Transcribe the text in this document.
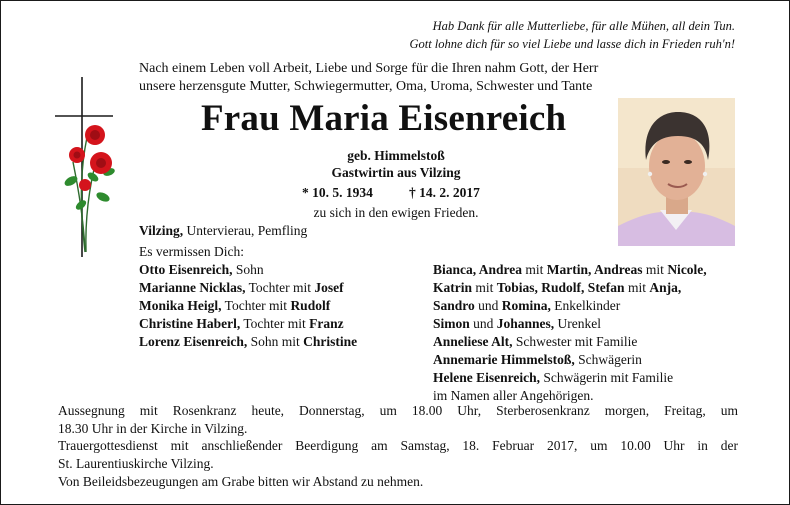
Hab Dank für alle Mutterliebe, für alle Mühen, all dein Tun.
Gott lohne dich für so viel Liebe und lasse dich in Frieden ruh'n!
Nach einem Leben voll Arbeit, Liebe und Sorge für die Ihren nahm Gott, der Herr
unsere herzensgute Mutter, Schwiegermutter, Oma, Uroma, Schwester und Tante
Frau Maria Eisenreich
geb. Himmelstoß
Gastwirtin aus Vilzing
* 10. 5. 1934	† 14. 2. 2017
zu sich in den ewigen Frieden.
Vilzing, Untervierau, Pemfling
Es vermissen Dich:
Otto Eisenreich, Sohn
Marianne Nicklas, Tochter mit Josef
Monika Heigl, Tochter mit Rudolf
Christine Haberl, Tochter mit Franz
Lorenz Eisenreich, Sohn mit Christine
Bianca, Andrea mit Martin, Andreas mit Nicole,
Katrin mit Tobias, Rudolf, Stefan mit Anja,
Sandro und Romina, Enkelkinder
Simon und Johannes, Urenkel
Anneliese Alt, Schwester mit Familie
Annemarie Himmelstoß, Schwägerin
Helene Eisenreich, Schwägerin mit Familie
im Namen aller Angehörigen.
Aussegnung mit Rosenkranz heute, Donnerstag, um 18.00 Uhr, Sterberosenkranz morgen, Freitag, um
18.30 Uhr in der Kirche in Vilzing.
Trauergottesdienst mit anschließender Beerdigung am Samstag, 18. Februar 2017, um 10.00 Uhr in der
St. Laurentiuskirche Vilzing.
Von Beileidsbezeugungen am Grabe bitten wir Abstand zu nehmen.
